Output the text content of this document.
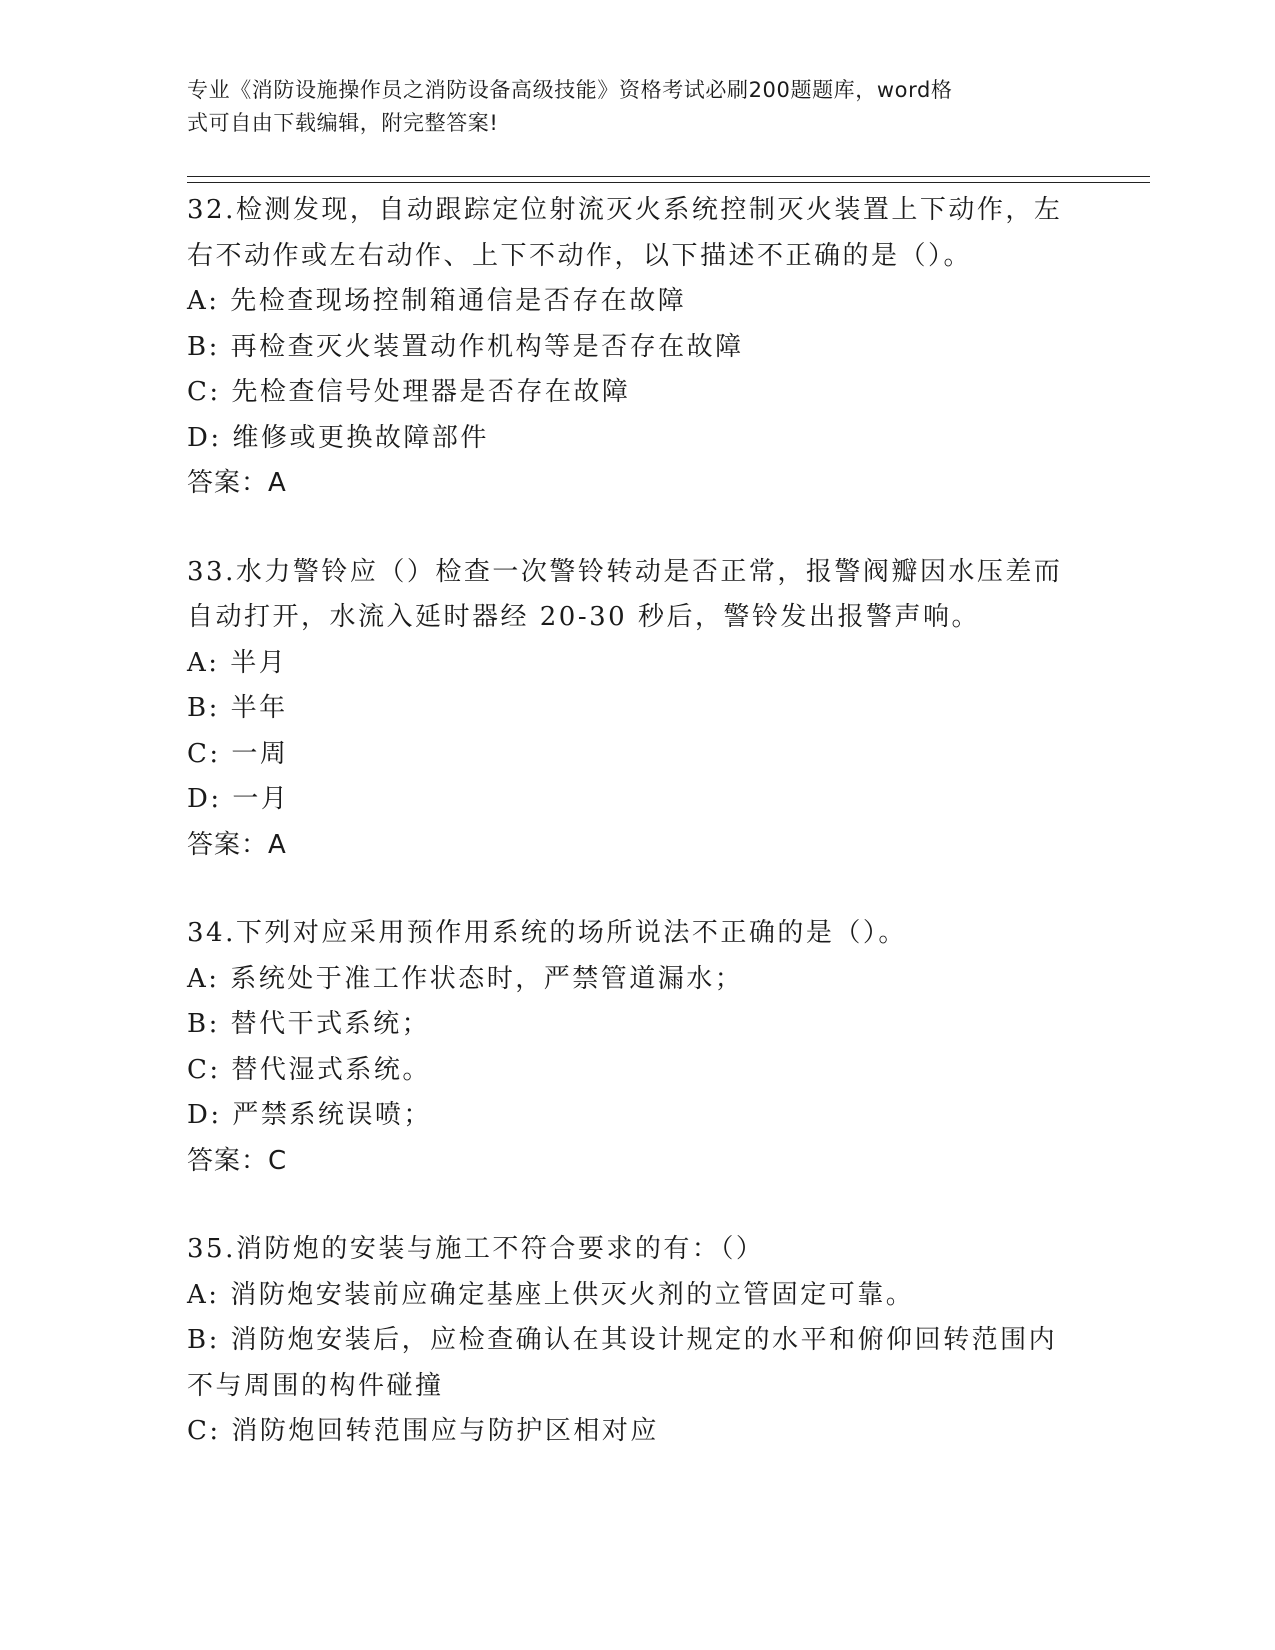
专业《消防设施操作员之消防设备高级技能》资格考试必刷200题题库，word格
式可自由下载编辑，附完整答案!
32.检测发现，自动跟踪定位射流灭火系统控制灭火装置上下动作，左
右不动作或左右动作、上下不动作，以下描述不正确的是（）。
A: 先检查现场控制箱通信是否存在故障
B: 再检查灭火装置动作机构等是否存在故障
C: 先检查信号处理器是否存在故障
D: 维修或更换故障部件
答案：A
33.水力警铃应（）检查一次警铃转动是否正常，报警阀瓣因水压差而
自动打开，水流入延时器经 20-30 秒后，警铃发出报警声响。
A: 半月
B: 半年
C: 一周
D: 一月
答案：A
34.下列对应采用预作用系统的场所说法不正确的是（）。
A: 系统处于准工作状态时，严禁管道漏水；
B: 替代干式系统；
C: 替代湿式系统。
D: 严禁系统误喷；
答案：C
35.消防炮的安装与施工不符合要求的有：（）
A: 消防炮安装前应确定基座上供灭火剂的立管固定可靠。
B: 消防炮安装后，应检查确认在其设计规定的水平和俯仰回转范围内
不与周围的构件碰撞
C: 消防炮回转范围应与防护区相对应
